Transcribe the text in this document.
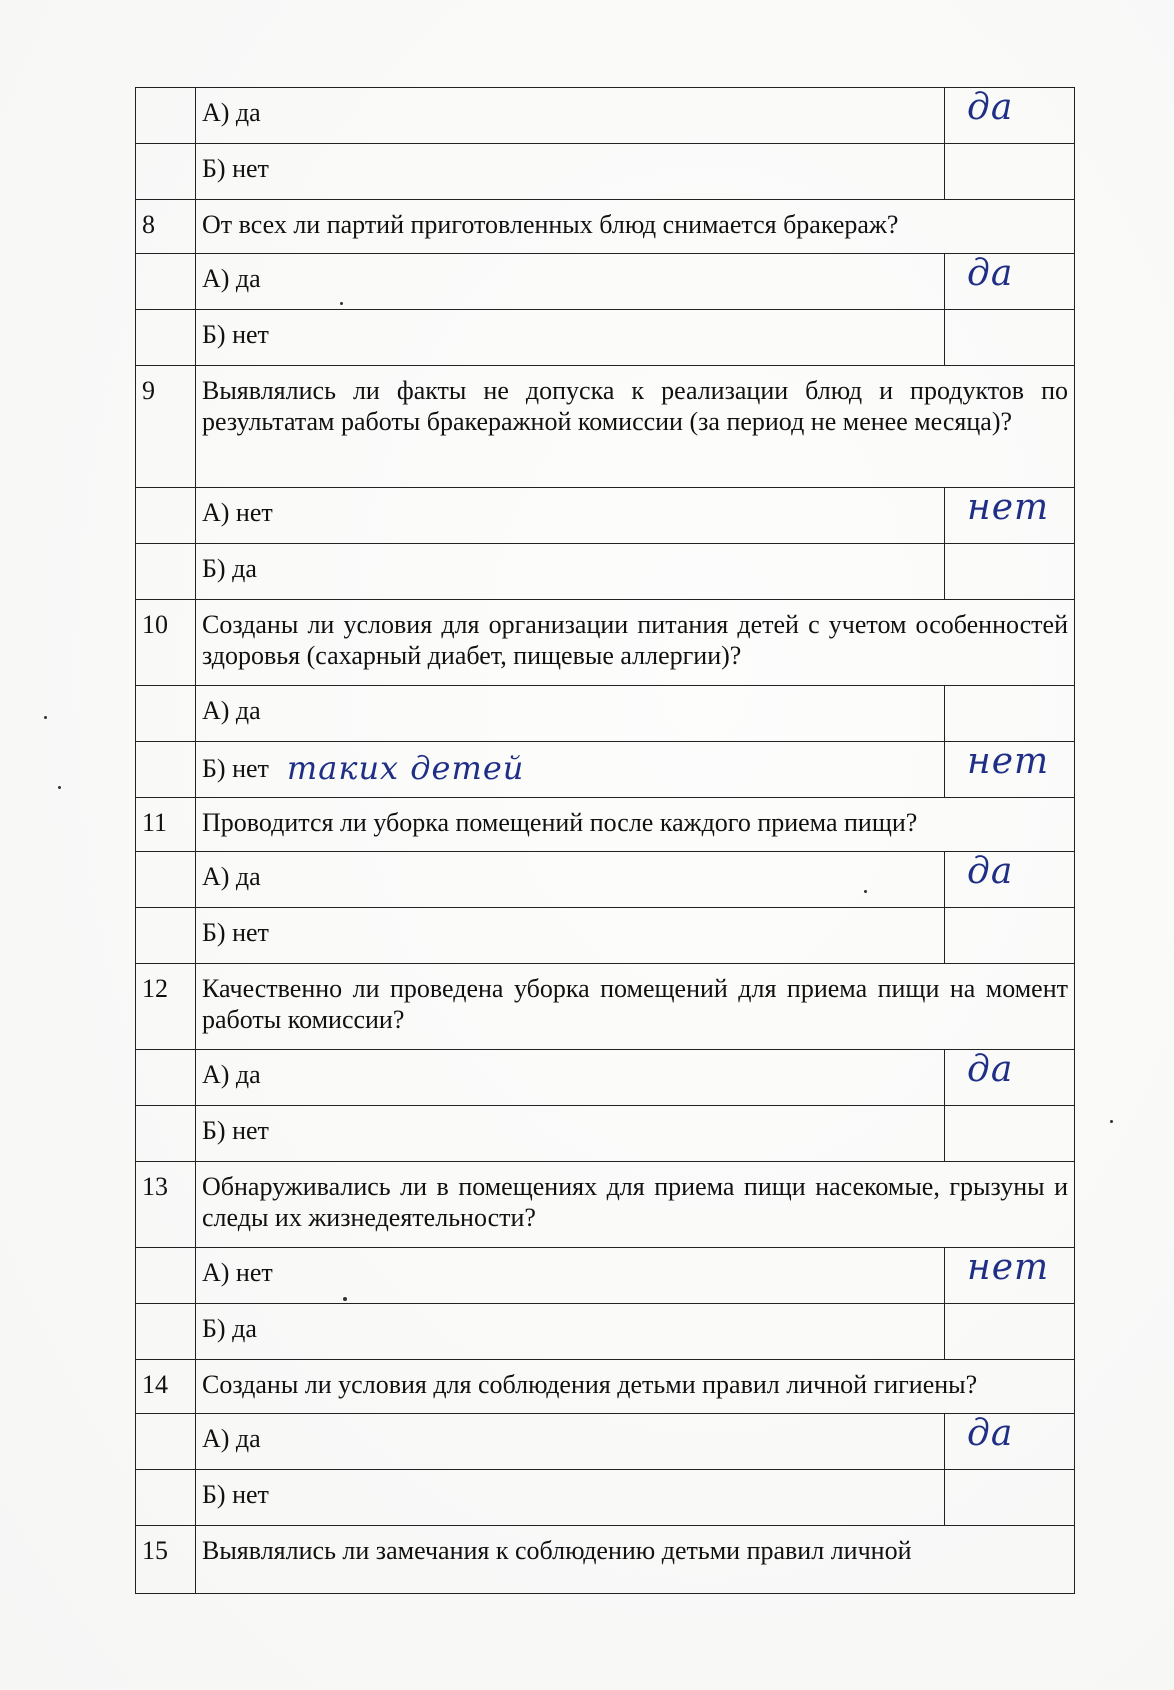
	А) да	да

	Б) нет	

8	От всех ли партий приготовленных блюд снимается бракераж?	
	А) да	да

	Б) нет	

9	Выявлялись ли факты не допуска к реализации блюд и продуктов по результатам работы бракеражной комиссии (за период не менее месяца)?	
	А) нет	нет

	Б) да	

10	Созданы ли условия для организации питания детей с учетом особенностей здоровья (сахарный диабет, пищевые аллергии)?	
	А) да	

	Б) нет таких детей	нет

11	Проводится ли уборка помещений после каждого приема пищи?	
	А) да	да

	Б) нет	

12	Качественно ли проведена уборка помещений для приема пищи на момент работы комиссии?	
	А) да	да

	Б) нет	

13	Обнаруживались ли в помещениях для приема пищи насекомые, грызуны и следы их жизнедеятельности?	
	А) нет	нет

	Б) да	

14	Созданы ли условия для соблюдения детьми правил личной гигиены?	
	А) да	да

	Б) нет	

15	Выявлялись ли замечания к соблюдению детьми правил личной	
